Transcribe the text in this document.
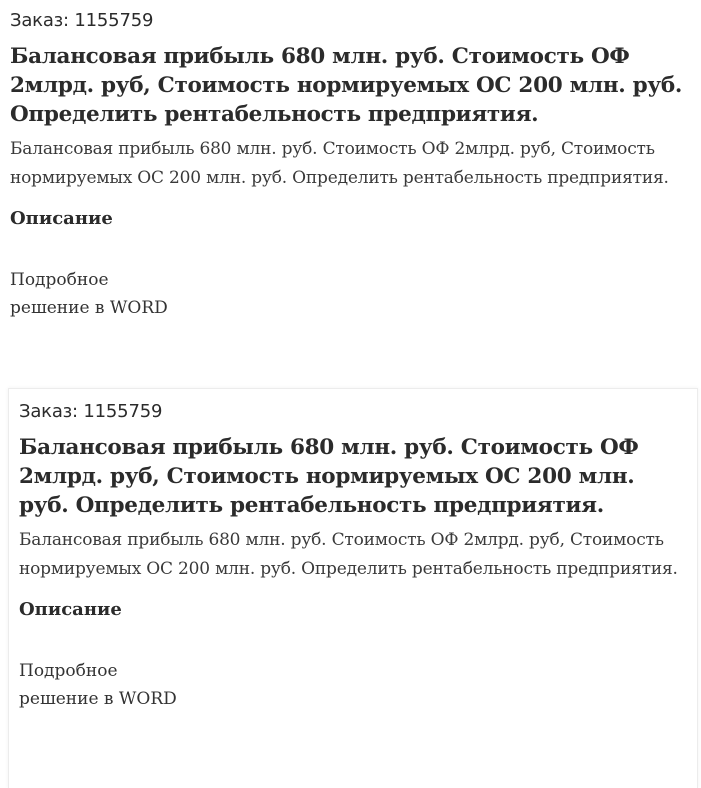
Заказ: 1155759
Балансовая прибыль 680 млн. руб. Стоимость ОФ 2млрд. руб, Стоимость нормируемых ОС 200 млн. руб. Определить рентабельность предприятия.
Балансовая прибыль 680 млн. руб. Стоимость ОФ 2млрд. руб, Стоимость нормируемых ОС 200 млн. руб. Определить рентабельность предприятия.
Описание
Подробное решение в WORD
Заказ: 1155759
Балансовая прибыль 680 млн. руб. Стоимость ОФ 2млрд. руб, Стоимость нормируемых ОС 200 млн. руб. Определить рентабельность предприятия.
Балансовая прибыль 680 млн. руб. Стоимость ОФ 2млрд. руб, Стоимость нормируемых ОС 200 млн. руб. Определить рентабельность предприятия.
Описание
Подробное решение в WORD
